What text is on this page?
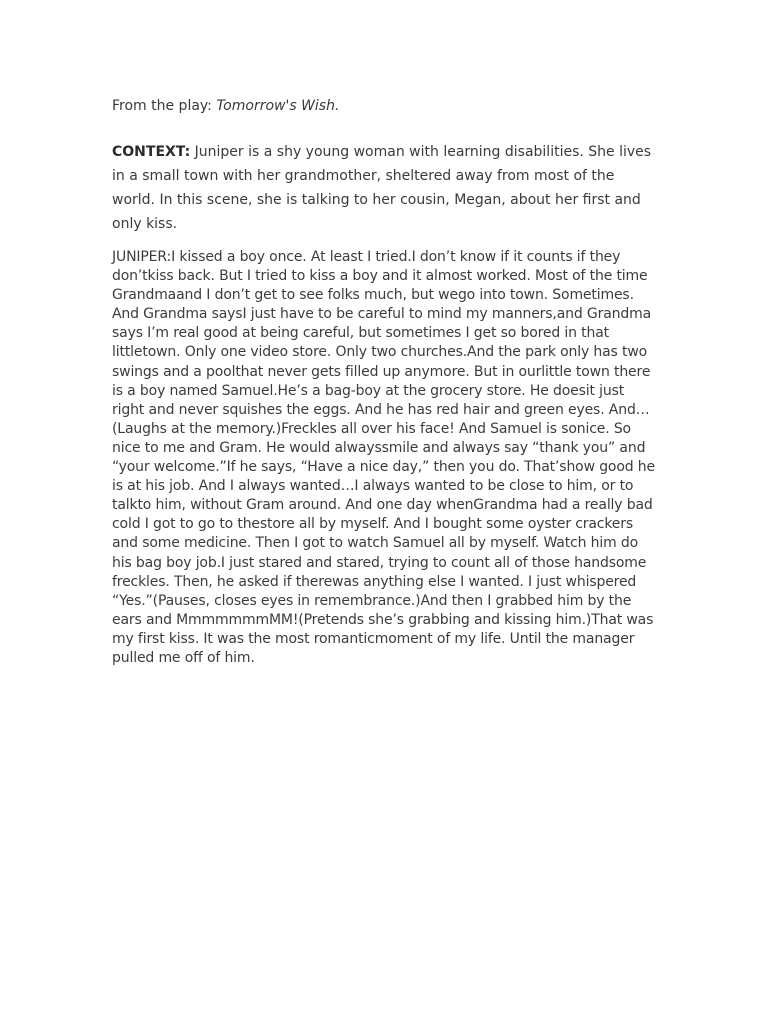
From the play: Tomorrow's Wish.

CONTEXT: Juniper is a shy young woman with learning disabilities. She lives in a small town with her grandmother, sheltered away from most of the world. In this scene, she is talking to her cousin, Megan, about her first and only kiss.

JUNIPER:I kissed a boy once. At least I tried.I don’t know if it counts if they don’tkiss back. But I tried to kiss a boy and it almost worked. Most of the time Grandmaand I don’t get to see folks much, but wego into town. Sometimes. And Grandma saysI just have to be careful to mind my manners,and Grandma says I’m real good at being careful, but sometimes I get so bored in that littletown. Only one video store. Only two churches.And the park only has two swings and a poolthat never gets filled up anymore. But in ourlittle town there is a boy named Samuel.He’s a bag-boy at the grocery store. He doesit just right and never squishes the eggs. And he has red hair and green eyes. And… (Laughs at the memory.)Freckles all over his face! And Samuel is sonice. So nice to me and Gram. He would alwayssmile and always say “thank you” and “your welcome.”If he says, “Have a nice day,” then you do. That’show good he is at his job. And I always wanted…I always wanted to be close to him, or to talkto him, without Gram around. And one day whenGrandma had a really bad cold I got to go to thestore all by myself. And I bought some oyster crackers and some medicine. Then I got to watch Samuel all by myself. Watch him do his bag boy job.I just stared and stared, trying to count all of those handsome freckles. Then, he asked if therewas anything else I wanted. I just whispered “Yes.”(Pauses, closes eyes in remembrance.)And then I grabbed him by the ears and MmmmmmmMM!(Pretends she’s grabbing and kissing him.)That was my first kiss. It was the most romanticmoment of my life. Until the manager pulled me off of him.
